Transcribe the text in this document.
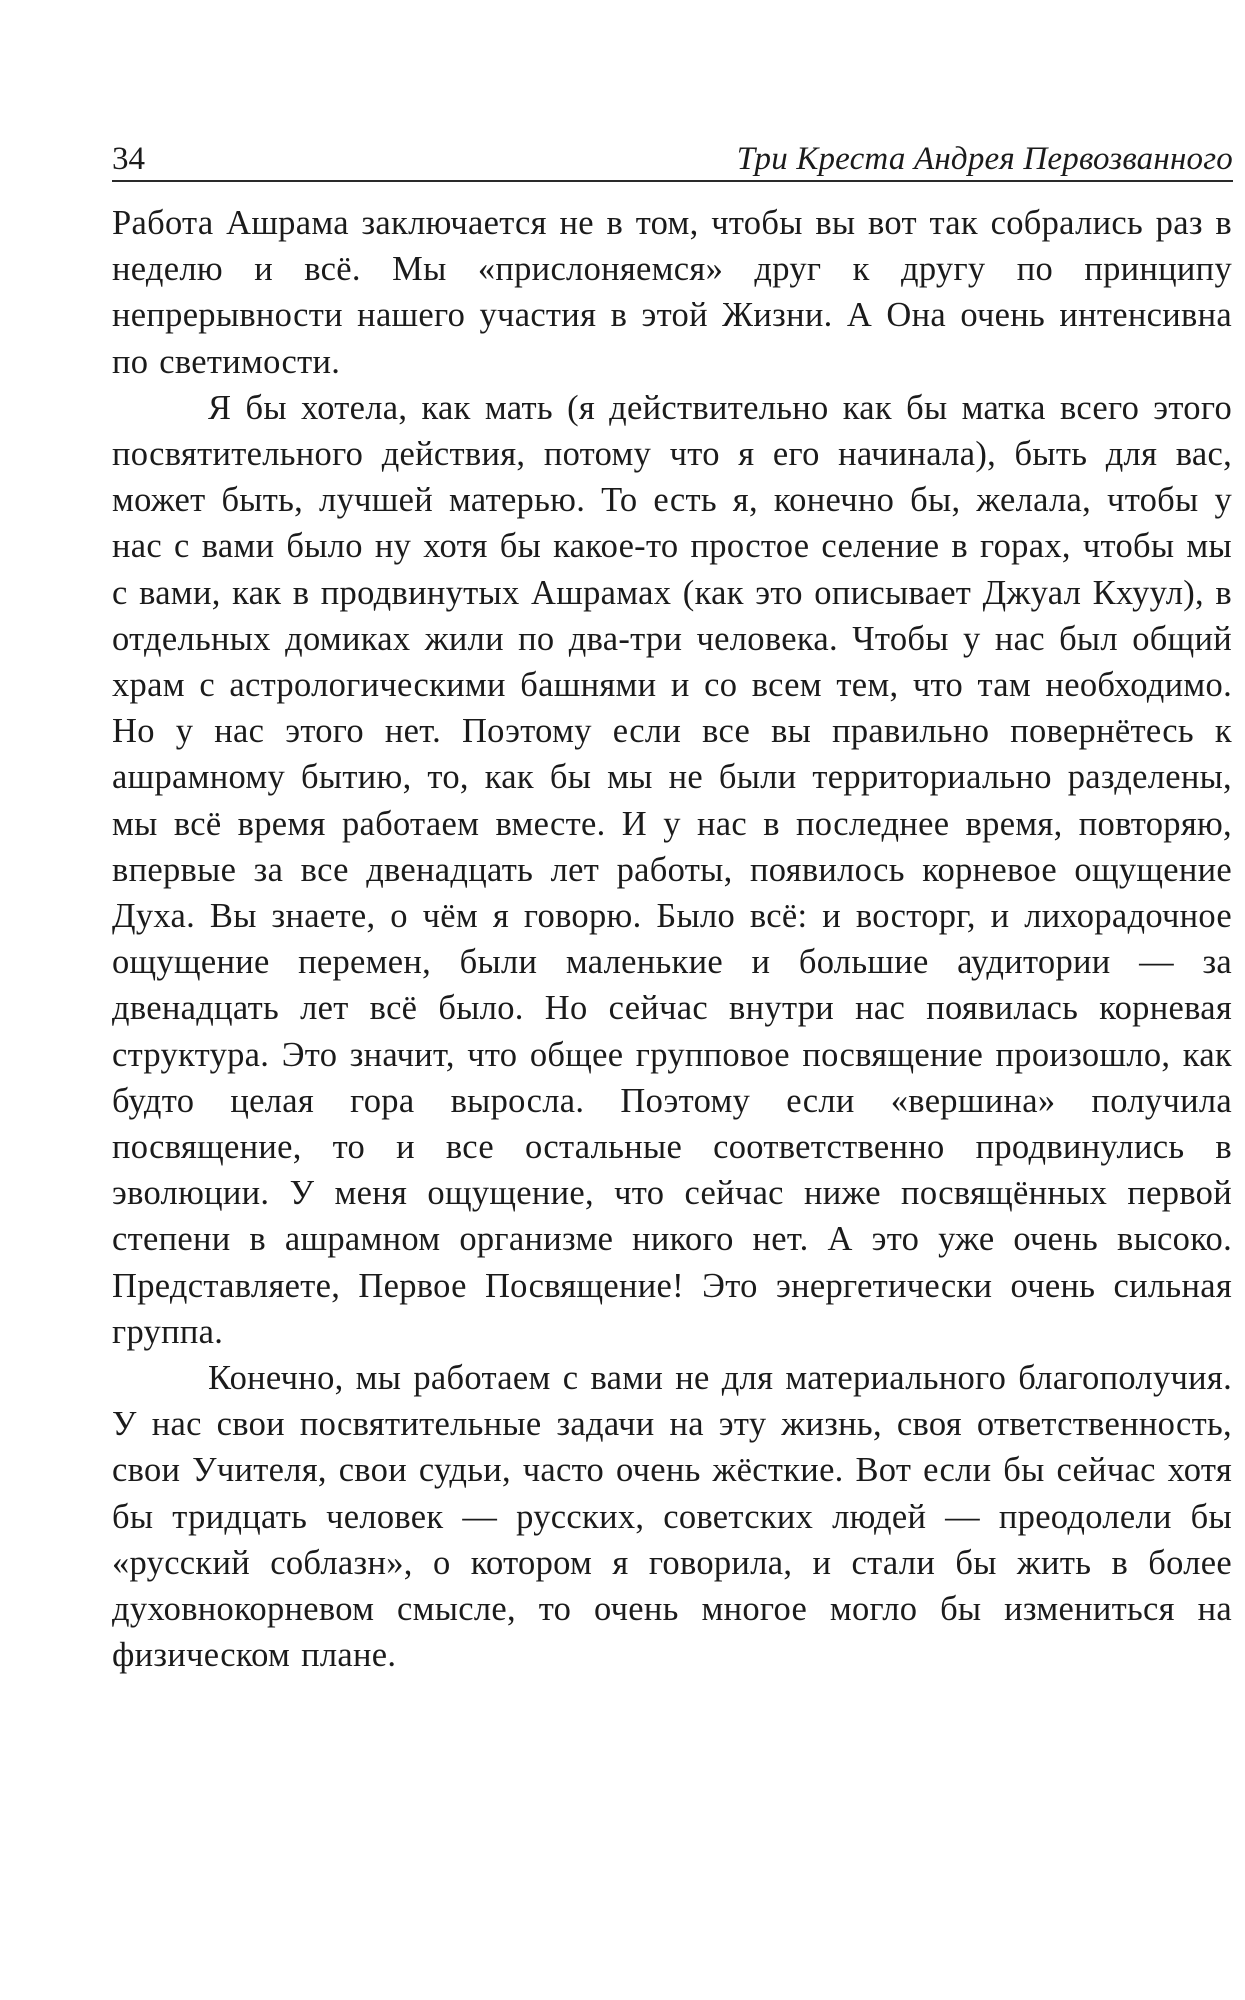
34	Три Креста Андрея Первозванного

Работа Ашрама заключается не в том, чтобы вы вот так собрались раз в неделю и всё. Мы «прислоняемся» друг к другу по принципу непрерывности нашего участия в этой Жизни. А Она очень интенсивна по светимости.

Я бы хотела, как мать (я действительно как бы матка всего этого посвятительного действия, потому что я его начинала), быть для вас, может быть, лучшей матерью. То есть я, конечно бы, желала, чтобы у нас с вами было ну хотя бы какое-то простое селение в горах, чтобы мы с вами, как в продвинутых Ашрамах (как это описывает Джуал Кхуул), в отдельных домиках жили по два-три человека. Чтобы у нас был общий храм с астрологическими башнями и со всем тем, что там необходимо. Но у нас этого нет. Поэтому если все вы правильно повернётесь к ашрамному бытию, то, как бы мы не были территориально разделены, мы всё время работаем вместе. И у нас в последнее время, повторяю, впервые за все двенадцать лет работы, появилось корневое ощущение Духа. Вы знаете, о чём я говорю. Было всё: и восторг, и лихорадочное ощущение перемен, были маленькие и большие аудитории — за двенадцать лет всё было. Но сейчас внутри нас появилась корневая структура. Это значит, что общее групповое посвящение произошло, как будто целая гора выросла. Поэтому если «вершина» получила посвящение, то и все остальные соответственно продвинулись в эволюции. У меня ощущение, что сейчас ниже посвящённых первой степени в ашрамном организме никого нет. А это уже очень высоко. Представляете, Первое Посвящение! Это энергетически очень сильная группа.

Конечно, мы работаем с вами не для материального благополучия. У нас свои посвятительные задачи на эту жизнь, своя ответственность, свои Учителя, свои судьи, часто очень жёсткие. Вот если бы сейчас хотя бы тридцать человек — русских, советских людей — преодолели бы «русский соблазн», о котором я говорила, и стали бы жить в более духовнокорневом смысле, то очень многое могло бы измениться на физическом плане.
